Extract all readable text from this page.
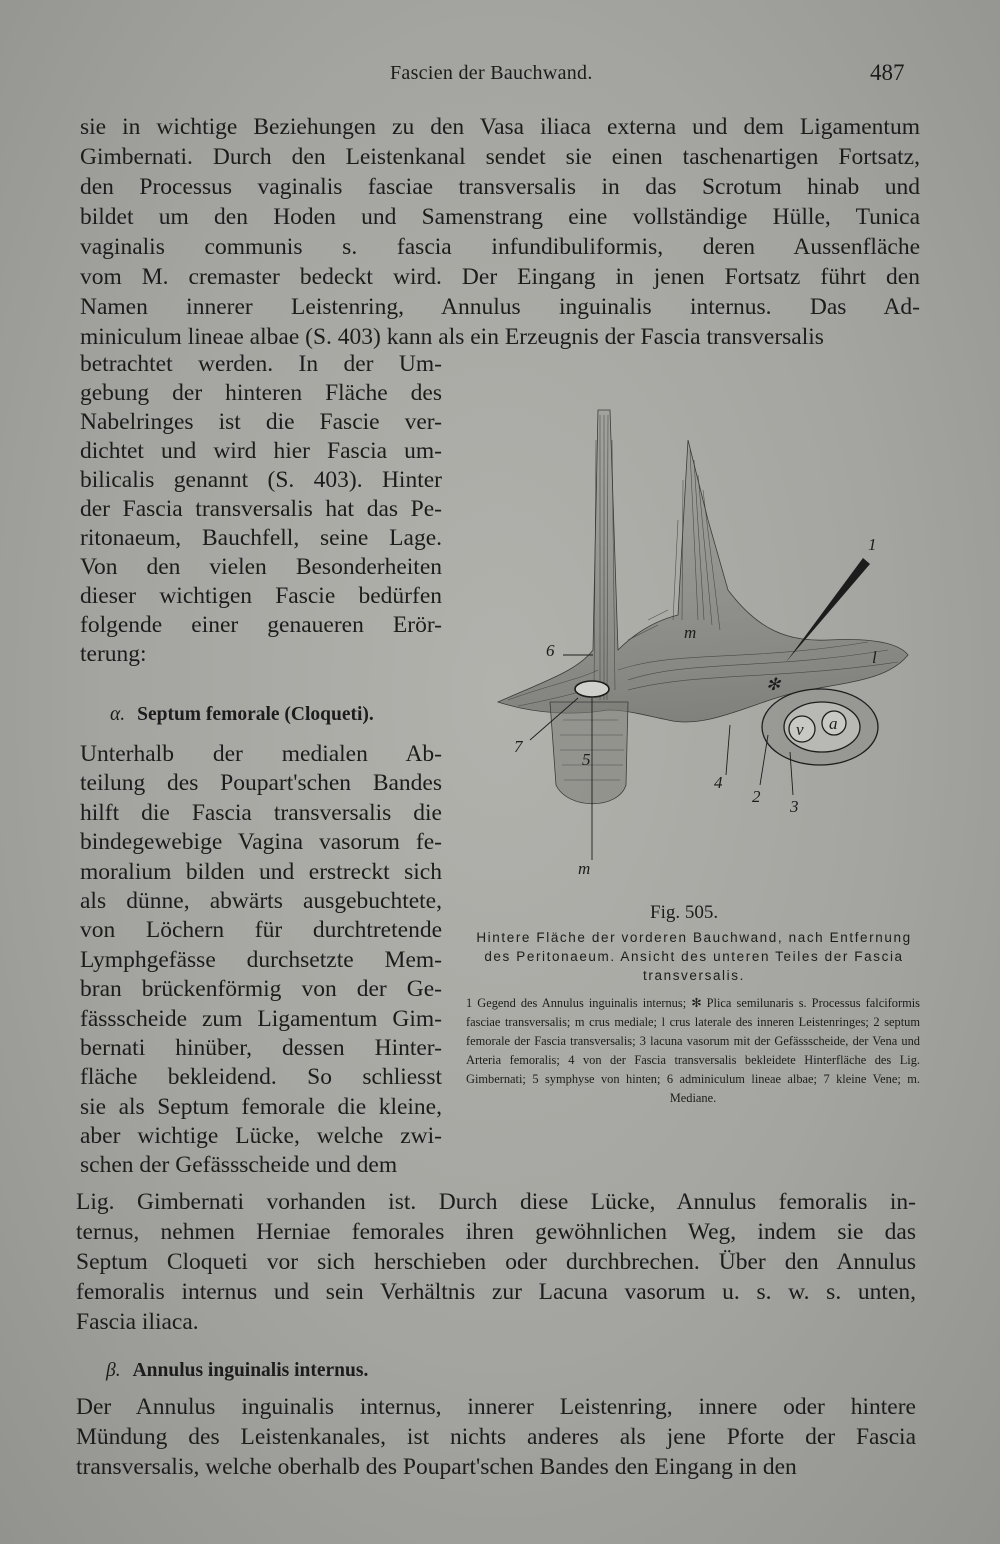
Fascien der Bauchwand.	487
sie in wichtige Beziehungen zu den Vasa iliaca externa und dem Ligamentum
Gimbernati. Durch den Leistenkanal sendet sie einen taschenartigen Fortsatz,
den Processus vaginalis fasciae transversalis in das Scrotum hinab und
bildet um den Hoden und Samenstrang eine vollständige Hülle, Tunica
vaginalis communis s. fascia infundibuliformis, deren Aussenfläche
vom M. cremaster bedeckt wird. Der Eingang in jenen Fortsatz führt den
Namen innerer Leistenring, Annulus inguinalis internus. Das Ad-
miniculum lineae albae (S. 403) kann als ein Erzeugnis der Fascia transversalis
betrachtet werden. In der Um-
gebung der hinteren Fläche des
Nabelringes ist die Fascie ver-
dichtet und wird hier Fascia um-
bilicalis genannt (S. 403). Hinter
der Fascia transversalis hat das Pe-
ritonaeum, Bauchfell, seine Lage.
Von den vielen Besonderheiten
dieser wichtigen Fascie bedürfen
folgende einer genaueren Erör-
terung:
α. Septum femorale (Cloqueti).
Unterhalb der medialen Ab-
teilung des Poupart'schen Bandes
hilft die Fascia transversalis die
bindegewebige Vagina vasorum fe-
moralium bilden und erstreckt sich
als dünne, abwärts ausgebuchtete,
von Löchern für durchtretende
Lymphgefässe durchsetzte Mem-
bran brückenförmig von der Ge-
fässscheide zum Ligamentum Gim-
bernati hinüber, dessen Hinter-
fläche bekleidend. So schliesst
sie als Septum femorale die kleine,
aber wichtige Lücke, welche zwi-
schen der Gefässscheide und dem
1
m
l
6
✻
v a
7
5
4
2
3
m
Fig. 505.
Hintere Fläche der vorderen Bauchwand, nach Entfernung des Peritonaeum. Ansicht des unteren Teiles der Fascia transversalis.
1 Gegend des Annulus inguinalis internus; ✻ Plica semilunaris s. Processus falciformis fasciae transversalis; m crus mediale; l crus laterale des inneren Leistenringes; 2 septum femorale der Fascia transversalis; 3 lacuna vasorum mit der Gefässscheide, der Vena und Arteria femoralis; 4 von der Fascia transversalis bekleidete Hinterfläche des Lig. Gimbernati; 5 symphyse von hinten; 6 adminiculum lineae albae; 7 kleine Vene; m. Mediane.
Lig. Gimbernati vorhanden ist. Durch diese Lücke, Annulus femoralis in-
ternus, nehmen Herniae femorales ihren gewöhnlichen Weg, indem sie das
Septum Cloqueti vor sich herschieben oder durchbrechen. Über den Annulus
femoralis internus und sein Verhältnis zur Lacuna vasorum u. s. w. s. unten,
Fascia iliaca.
β. Annulus inguinalis internus.
Der Annulus inguinalis internus, innerer Leistenring, innere oder hintere
Mündung des Leistenkanales, ist nichts anderes als jene Pforte der Fascia
transversalis, welche oberhalb des Poupart'schen Bandes den Eingang in den
